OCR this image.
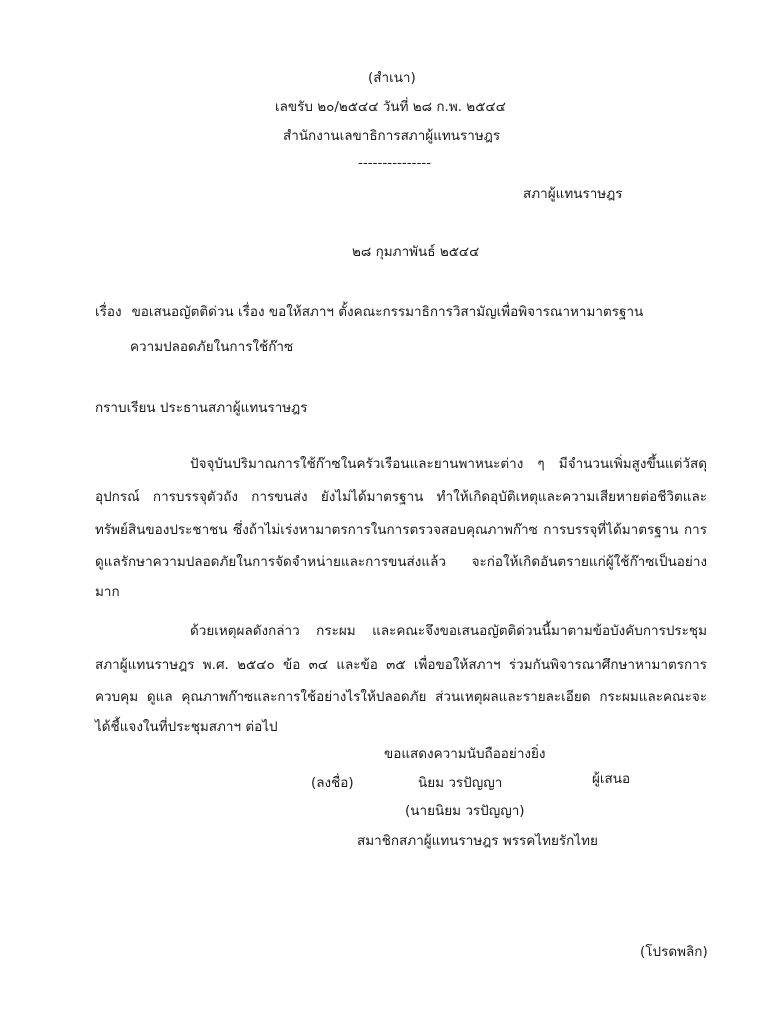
(สำเนา)
เลขรับ ๒๐/๒๕๔๔ วันที่ ๒๘ ก.พ. ๒๕๔๔
สำนักงานเลขาธิการสภาผู้แทนราษฎร
---------------
สภาผู้แทนราษฎร
๒๘ กุมภาพันธ์ ๒๕๔๔
เรื่อง ขอเสนอญัตติด่วน เรื่อง ขอให้สภาฯ ตั้งคณะกรรมาธิการวิสามัญเพื่อพิจารณาหามาตรฐาน
ความปลอดภัยในการใช้ก๊าซ
กราบเรียน ประธานสภาผู้แทนราษฎร
ปัจจุบันปริมาณการใช้ก๊าซในครัวเรือนและยานพาหนะต่าง ๆ มีจำนวนเพิ่มสูงขึ้นแต่วัสดุ
อุปกรณ์ การบรรจุตัวถัง การขนส่ง ยังไม่ได้มาตรฐาน ทำให้เกิดอุบัติเหตุและความเสียหายต่อชีวิตและ
ทรัพย์สินของประชาชน ซึ่งถ้าไม่เร่งหามาตรการในการตรวจสอบคุณภาพก๊าซ การบรรจุที่ได้มาตรฐาน การ
ดูแลรักษาความปลอดภัยในการจัดจำหน่ายและการขนส่งแล้ว จะก่อให้เกิดอันตรายแก่ผู้ใช้ก๊าซเป็นอย่าง
มาก
ด้วยเหตุผลดังกล่าว กระผม และคณะจึงขอเสนอญัตติด่วนนี้มาตามข้อบังคับการประชุม
สภาผู้แทนราษฎร พ.ศ. ๒๕๔๐ ข้อ ๓๔ และข้อ ๓๕ เพื่อขอให้สภาฯ ร่วมกันพิจารณาศึกษาหามาตรการ
ควบคุม ดูแล คุณภาพก๊าซและการใช้อย่างไรให้ปลอดภัย ส่วนเหตุผลและรายละเอียด กระผมและคณะจะ
ได้ชี้แจงในที่ประชุมสภาฯ ต่อไป
ขอแสดงความนับถืออย่างยิ่ง
(ลงชื่อ)	นิยม วรปัญญา	ผู้เสนอ
(นายนิยม วรปัญญา)
สมาชิกสภาผู้แทนราษฎร พรรคไทยรักไทย
(โปรดพลิก)
